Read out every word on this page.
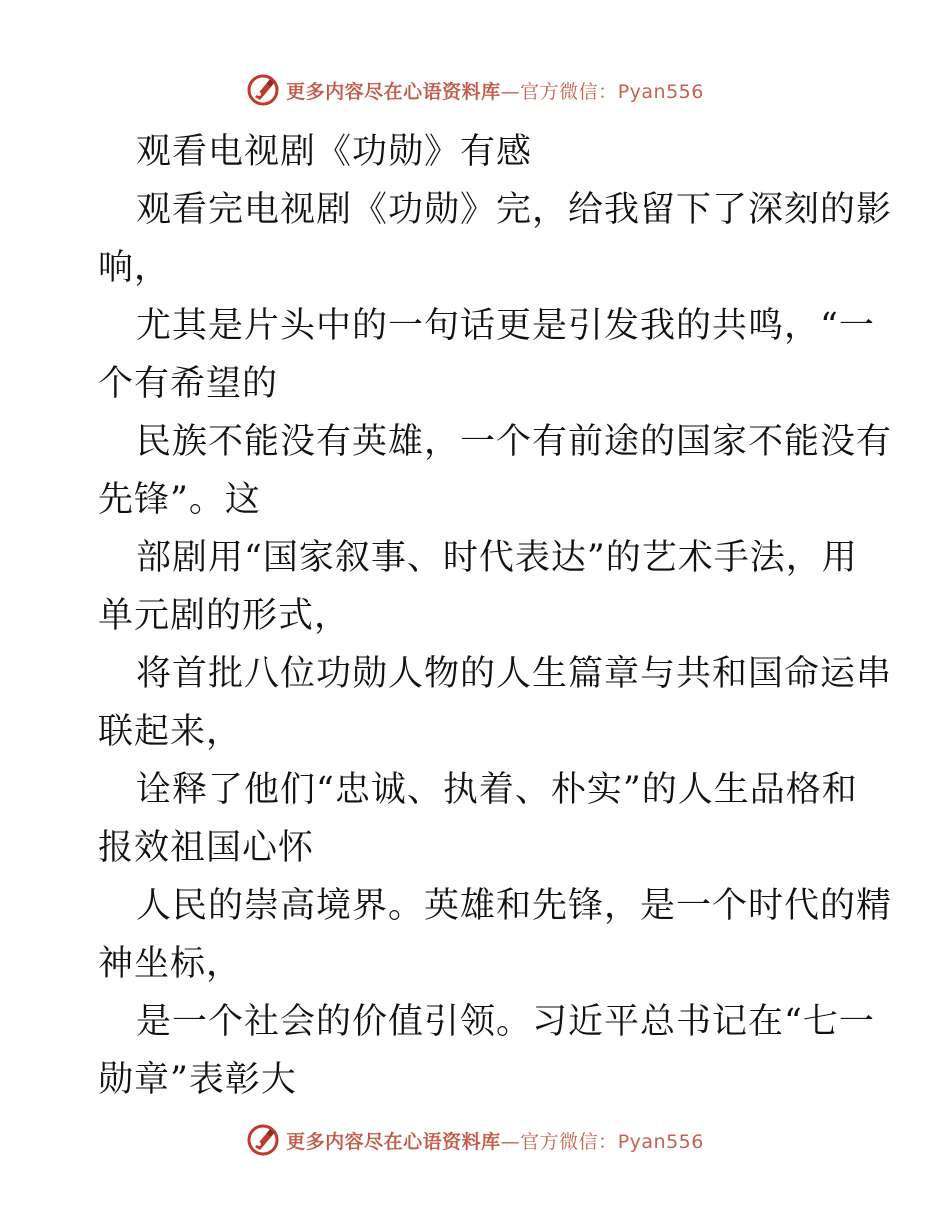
更多内容尽在心语资料库—官方微信：Pyan556
观看电视剧《功勋》有感
观看完电视剧《功勋》完，给我留下了深刻的影
响，
尤其是片头中的一句话更是引发我的共鸣，“一
个有希望的
民族不能没有英雄，一个有前途的国家不能没有
先锋”。这
部剧用“国家叙事、时代表达”的艺术手法，用
单元剧的形式，
将首批八位功勋人物的人生篇章与共和国命运串
联起来，
诠释了他们“忠诚、执着、朴实”的人生品格和
报效祖国心怀
人民的崇高境界。英雄和先锋，是一个时代的精
神坐标，
是一个社会的价值引领。习近平总书记在“七一
勋章”表彰大
更多内容尽在心语资料库—官方微信：Pyan556
